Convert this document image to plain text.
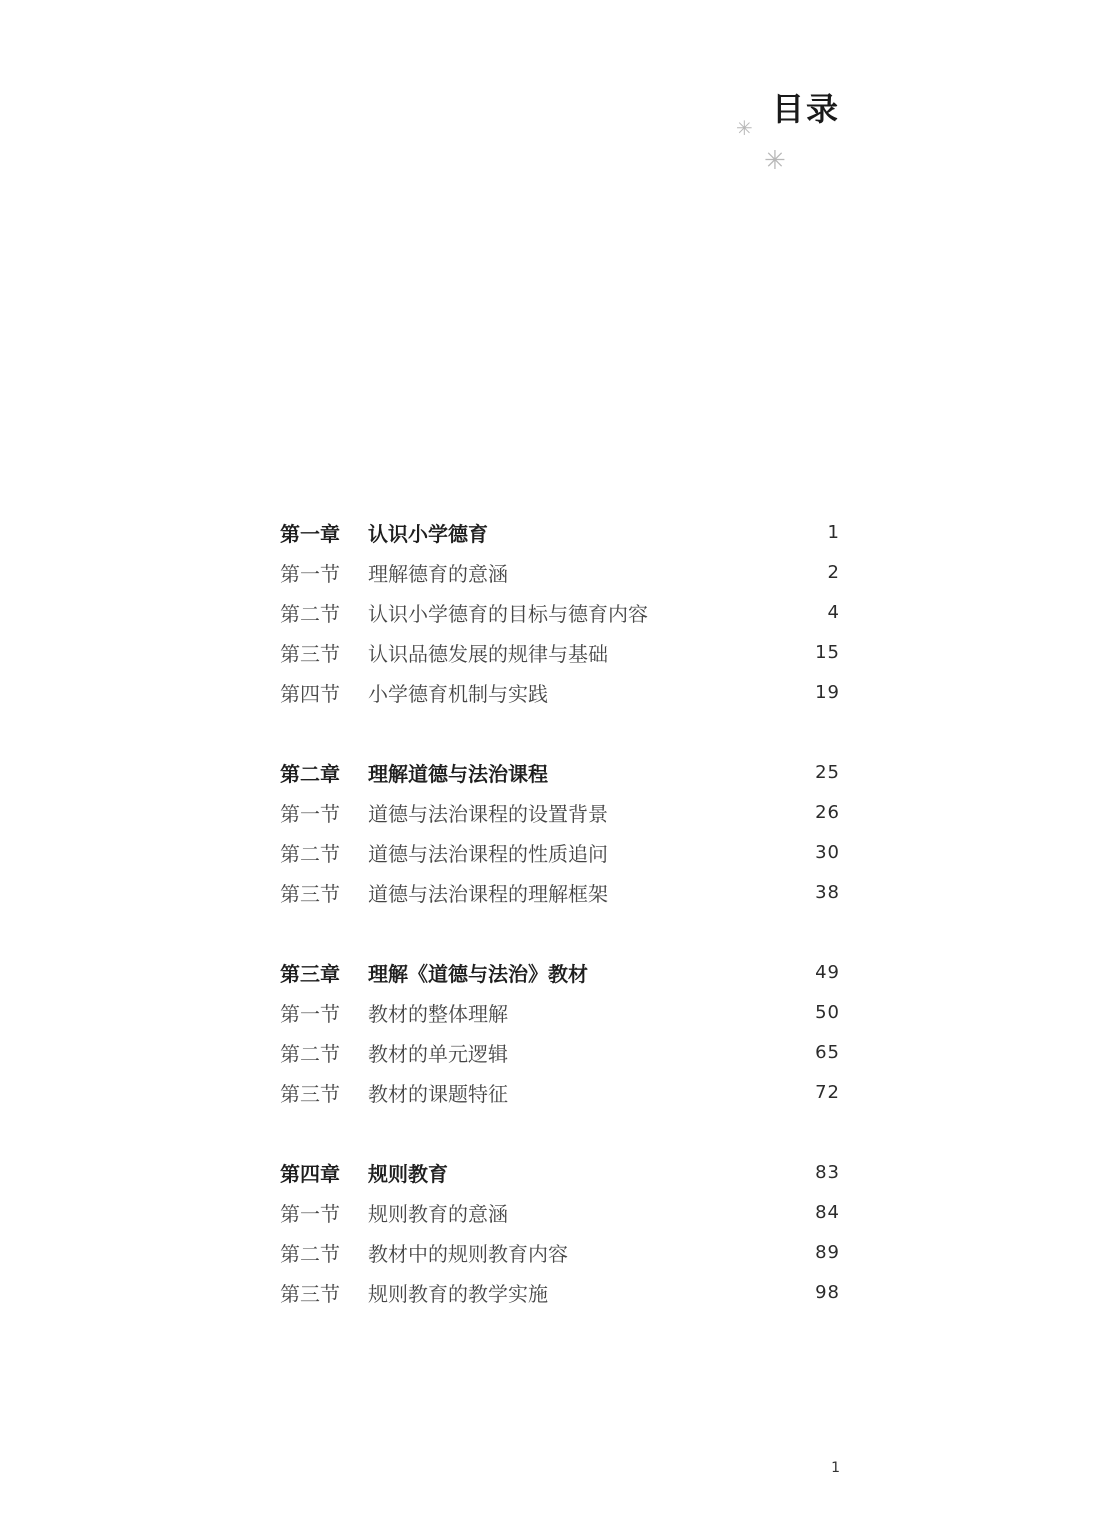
目录
✳
✳
第一章	认识小学德育	1
第一节	理解德育的意涵	2
第二节	认识小学德育的目标与德育内容	4
第三节	认识品德发展的规律与基础	15
第四节	小学德育机制与实践	19
第二章	理解道德与法治课程	25
第一节	道德与法治课程的设置背景	26
第二节	道德与法治课程的性质追问	30
第三节	道德与法治课程的理解框架	38
第三章	理解《道德与法治》教材	49
第一节	教材的整体理解	50
第二节	教材的单元逻辑	65
第三节	教材的课题特征	72
第四章	规则教育	83
第一节	规则教育的意涵	84
第二节	教材中的规则教育内容	89
第三节	规则教育的教学实施	98
1
